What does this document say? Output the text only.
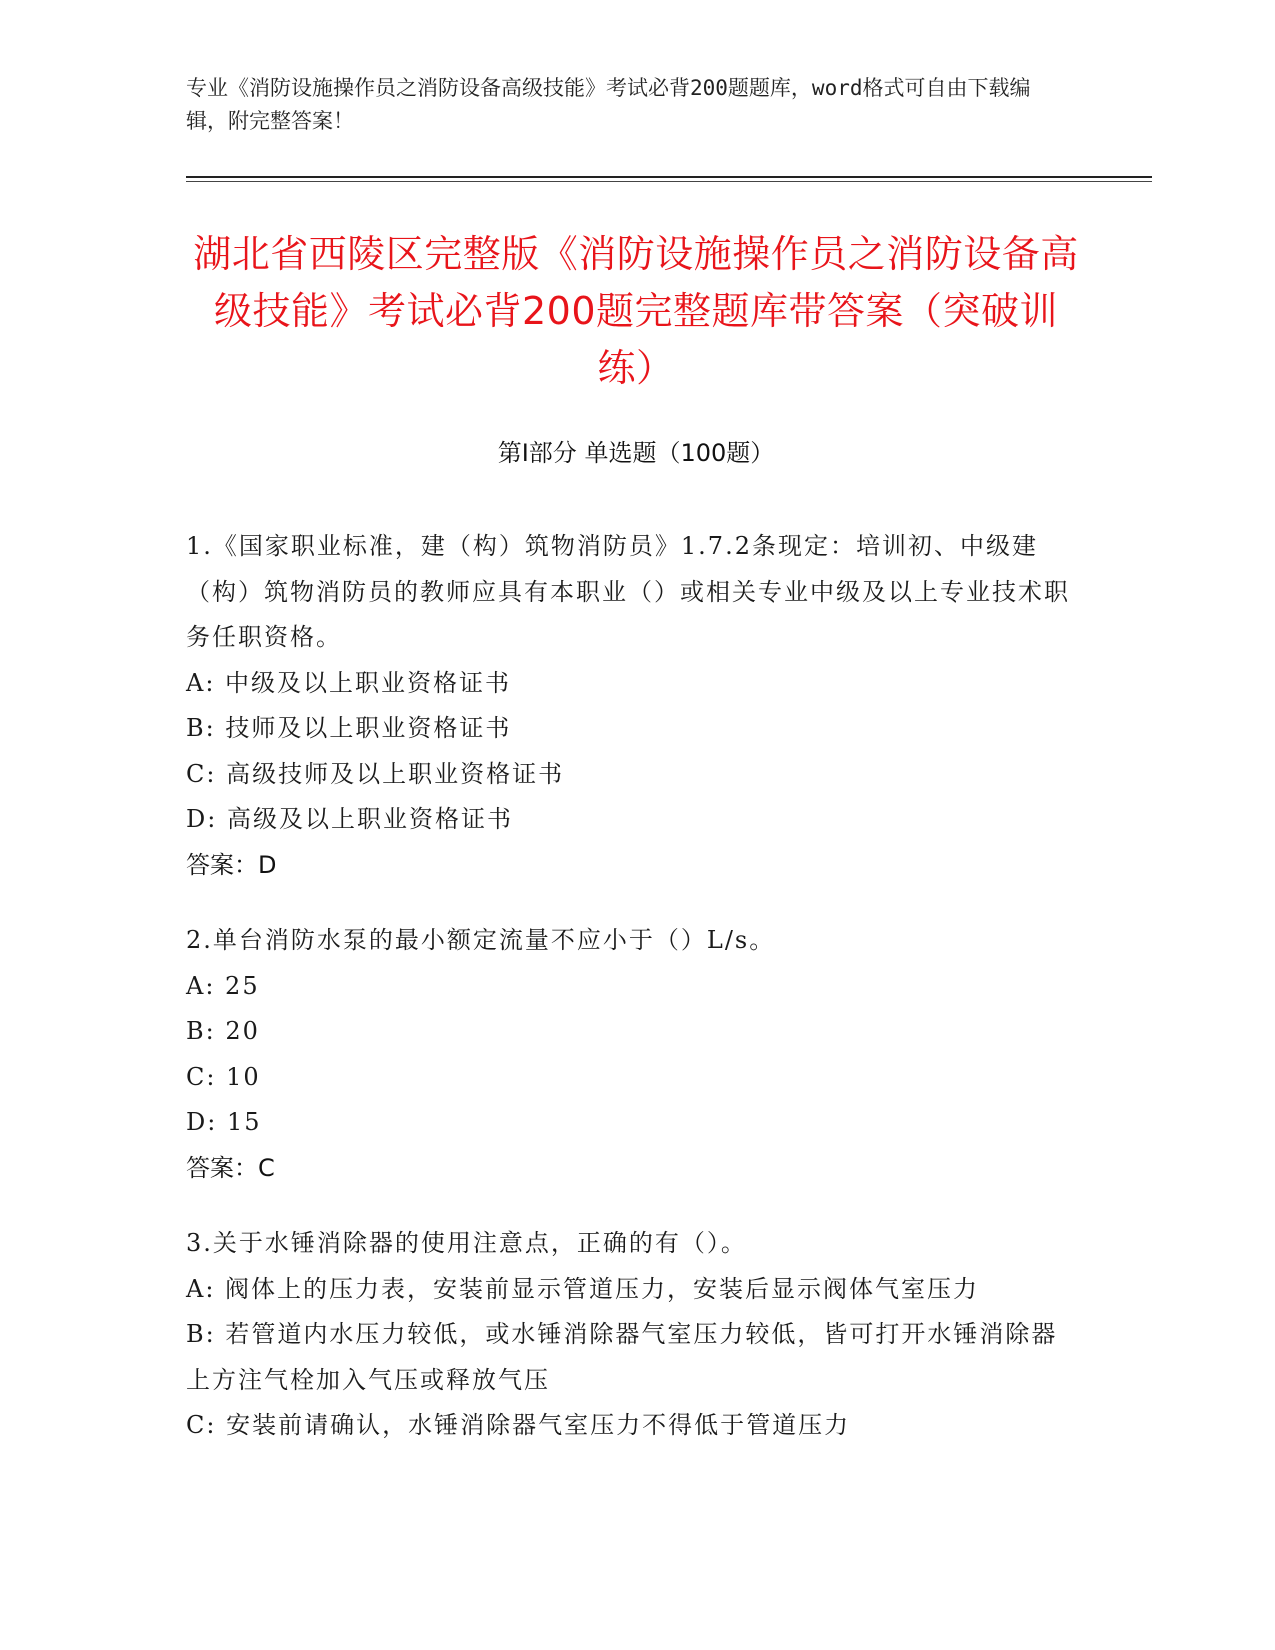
专业《消防设施操作员之消防设备高级技能》考试必背200题题库，word格式可自由下载编辑，附完整答案！
湖北省西陵区完整版《消防设施操作员之消防设备高级技能》考试必背200题完整题库带答案（突破训练）
第I部分 单选题（100题）

1.《国家职业标准，建（构）筑物消防员》1.7.2条现定：培训初、中级建（构）筑物消防员的教师应具有本职业（）或相关专业中级及以上专业技术职务任职资格。

A: 中级及以上职业资格证书

B: 技师及以上职业资格证书

C: 高级技师及以上职业资格证书

D: 高级及以上职业资格证书

答案：D

2.单台消防水泵的最小额定流量不应小于（）L/s。

A: 25

B: 20

C: 10

D: 15

答案：C

3.关于水锤消除器的使用注意点，正确的有（）。

A: 阀体上的压力表，安装前显示管道压力，安装后显示阀体气室压力

B: 若管道内水压力较低，或水锤消除器气室压力较低，皆可打开水锤消除器上方注气栓加入气压或释放气压

C: 安装前请确认，水锤消除器气室压力不得低于管道压力
